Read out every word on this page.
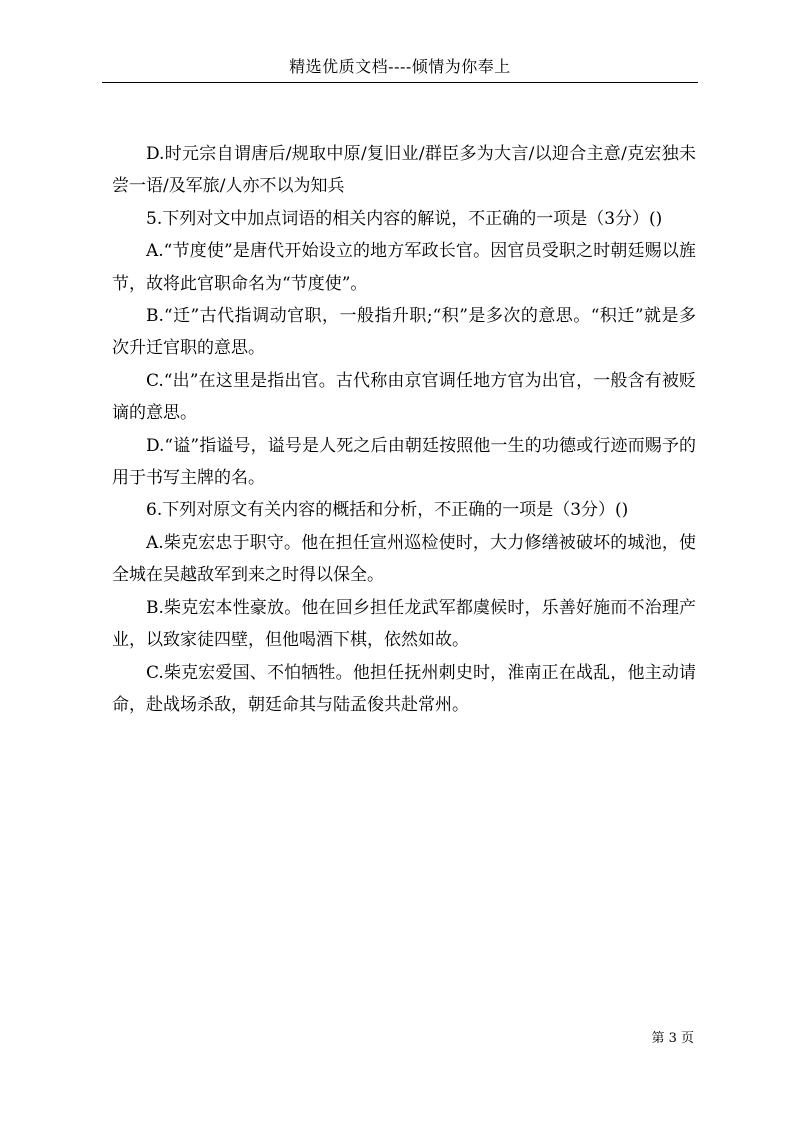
精选优质文档----倾情为你奉上

D.时元宗自谓唐后/规取中原/复旧业/群臣多为大言/以迎合主意/克宏独未尝一语/及军旅/人亦不以为知兵

5.下列对文中加点词语的相关内容的解说，不正确的一项是（3分）()

A.“节度使”是唐代开始设立的地方军政长官。因官员受职之时朝廷赐以旌节，故将此官职命名为“节度使”。

B.“迁”古代指调动官职，一般指升职;“积”是多次的意思。“积迁”就是多次升迁官职的意思。

C.“出”在这里是指出官。古代称由京官调任地方官为出官，一般含有被贬谪的意思。

D.“谥”指谥号，谥号是人死之后由朝廷按照他一生的功德或行迹而赐予的用于书写主牌的名。

6.下列对原文有关内容的概括和分析，不正确的一项是（3分）()

A.柴克宏忠于职守。他在担任宣州巡检使时，大力修缮被破坏的城池，使全城在吴越敌军到来之时得以保全。

B.柴克宏本性豪放。他在回乡担任龙武军都虞候时，乐善好施而不治理产业，以致家徒四壁，但他喝酒下棋，依然如故。

C.柴克宏爱国、不怕牺牲。他担任抚州刺史时，淮南正在战乱，他主动请命，赴战场杀敌，朝廷命其与陆孟俊共赴常州。

第 3 页
